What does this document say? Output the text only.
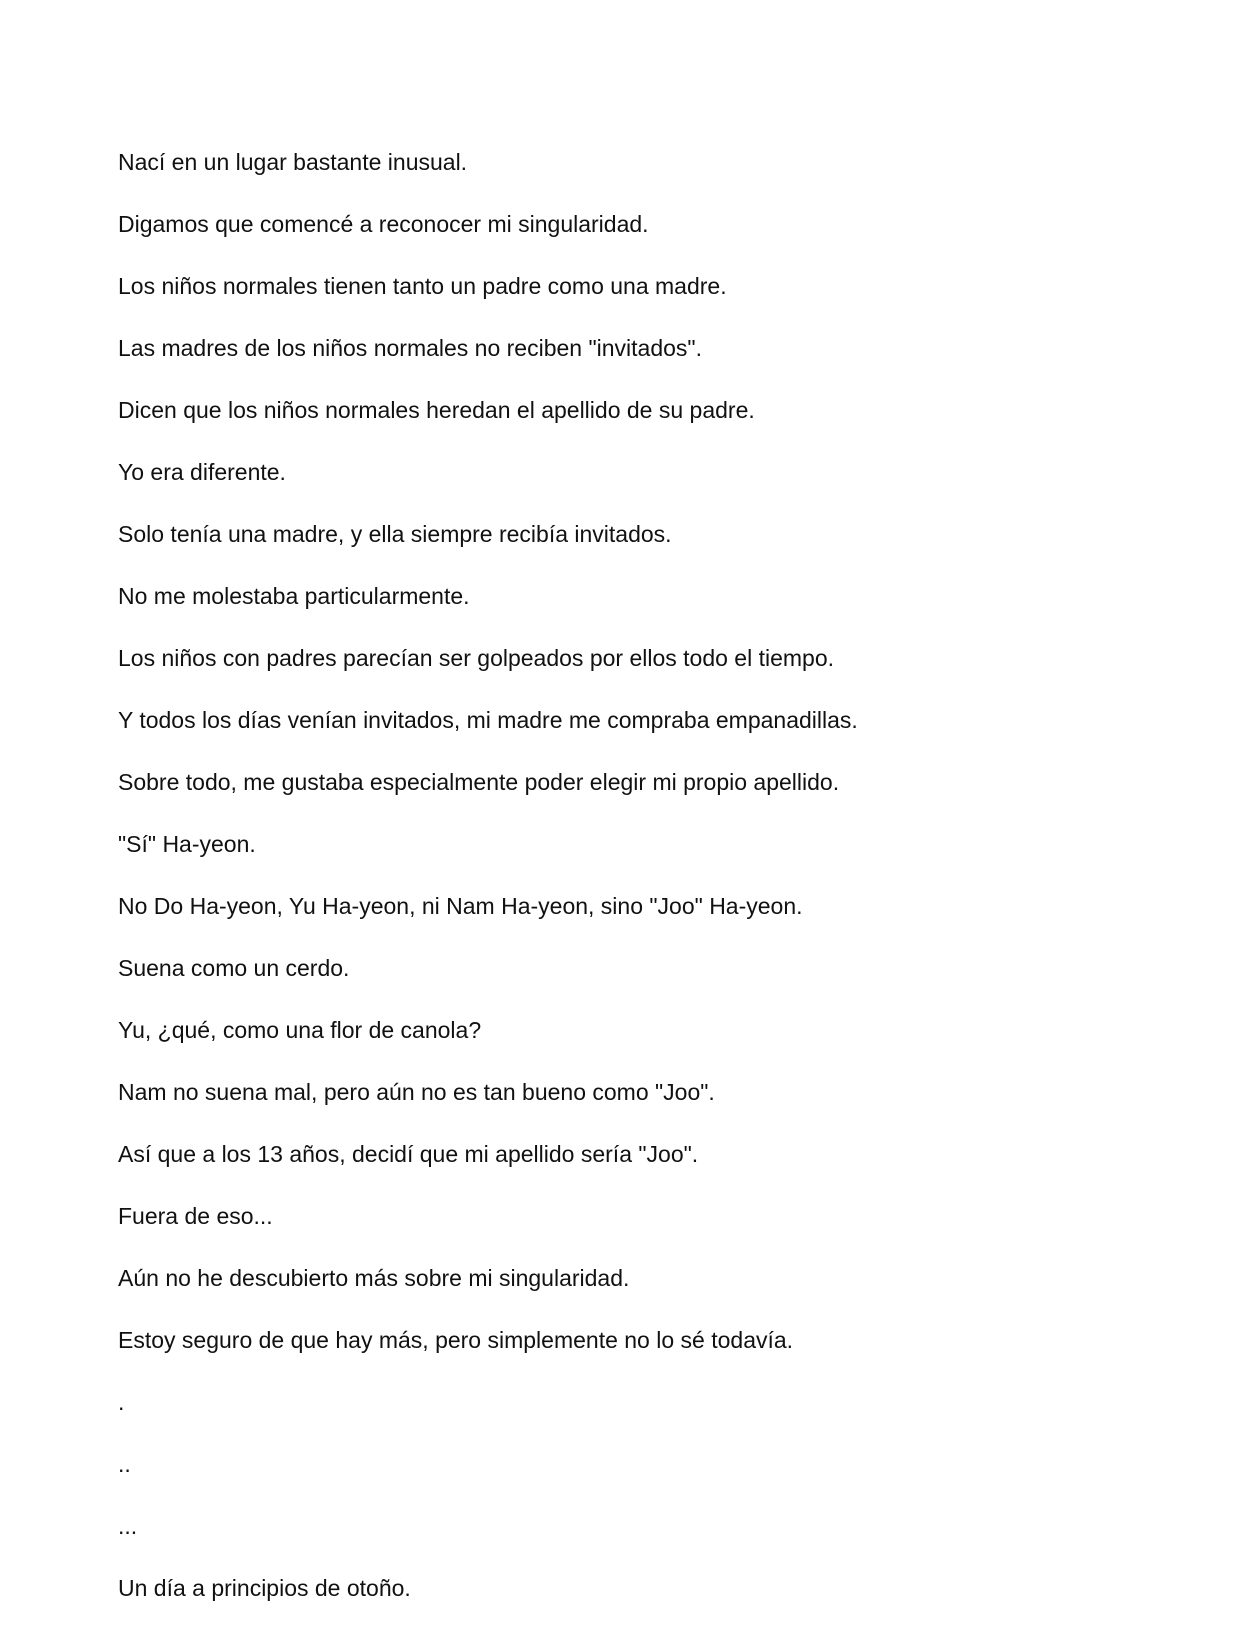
Nací en un lugar bastante inusual.

Digamos que comencé a reconocer mi singularidad.

Los niños normales tienen tanto un padre como una madre.

Las madres de los niños normales no reciben "invitados".

Dicen que los niños normales heredan el apellido de su padre.

Yo era diferente.

Solo tenía una madre, y ella siempre recibía invitados.

No me molestaba particularmente.

Los niños con padres parecían ser golpeados por ellos todo el tiempo.

Y todos los días venían invitados, mi madre me compraba empanadillas.

Sobre todo, me gustaba especialmente poder elegir mi propio apellido.

"Sí" Ha-yeon.

No Do Ha-yeon, Yu Ha-yeon, ni Nam Ha-yeon, sino "Joo" Ha-yeon.

Suena como un cerdo.

Yu, ¿qué, como una flor de canola?

Nam no suena mal, pero aún no es tan bueno como "Joo".

Así que a los 13 años, decidí que mi apellido sería "Joo".

Fuera de eso...

Aún no he descubierto más sobre mi singularidad.

Estoy seguro de que hay más, pero simplemente no lo sé todavía.

.

..

...

Un día a principios de otoño.
